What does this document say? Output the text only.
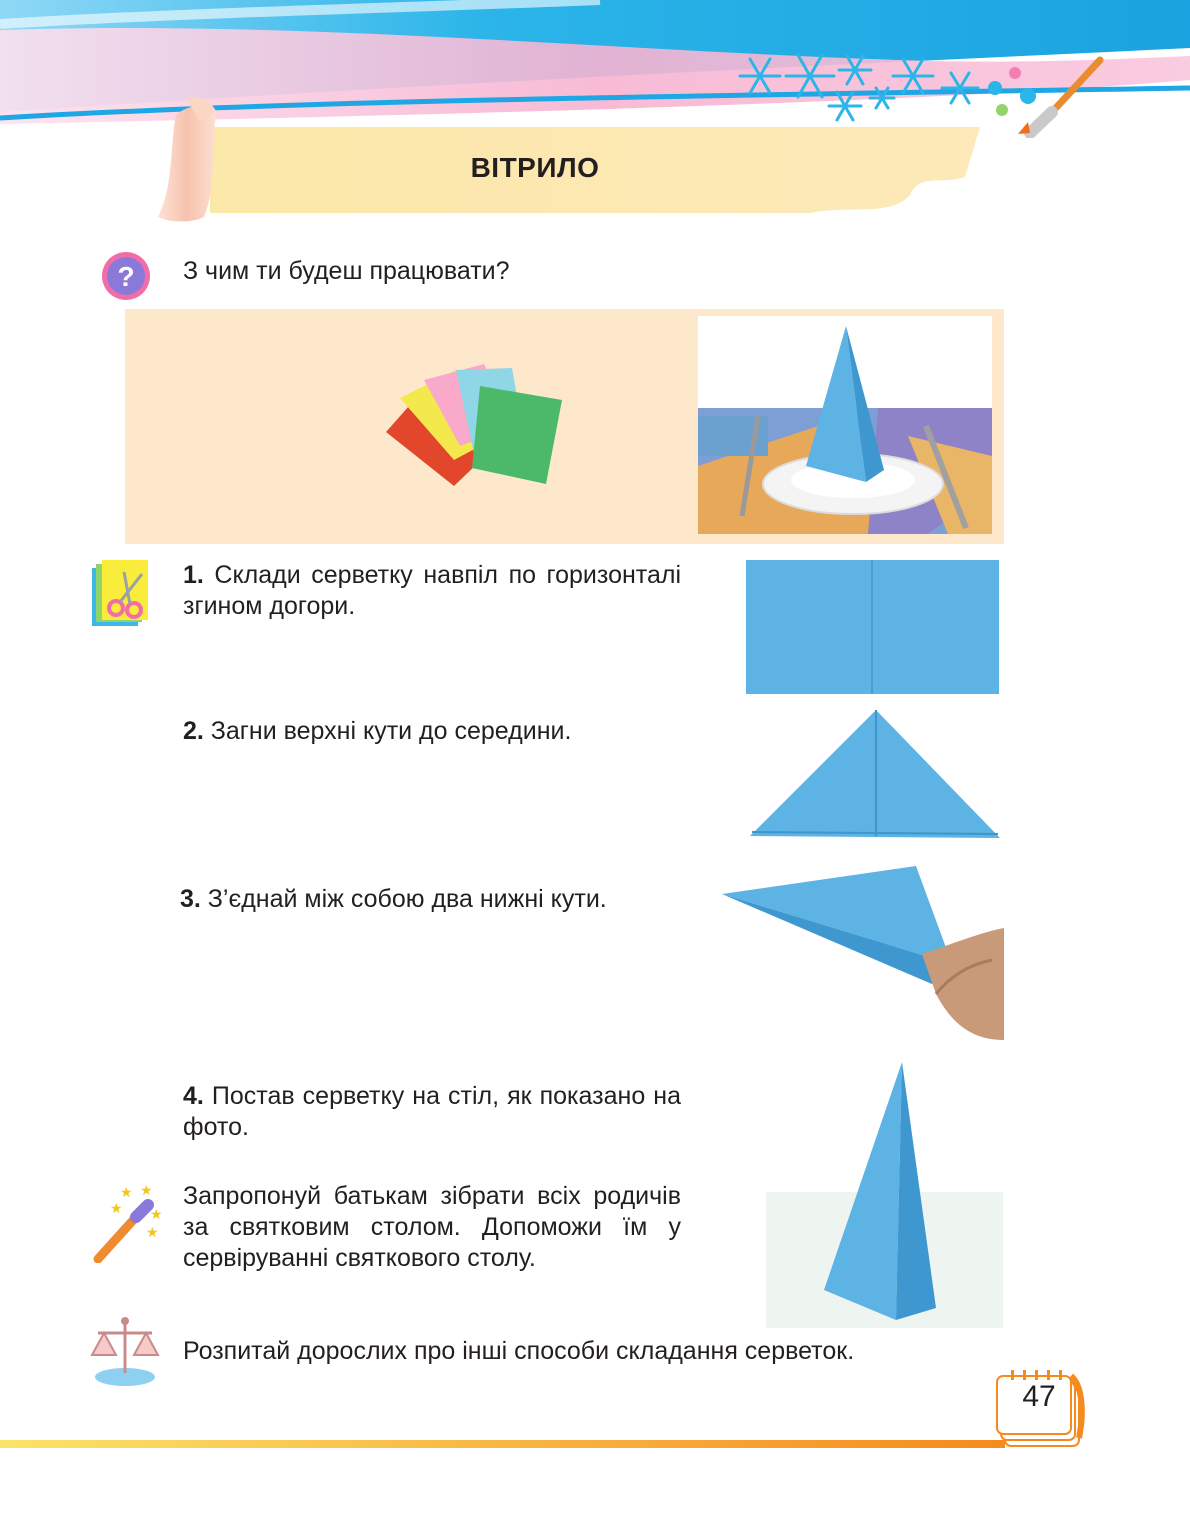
ВІТРИЛО
? З чим ти будеш працювати?
1. Склади серветку навпіл по горизонталі згином догори.
2. Загни верхні кути до середини.
3. З’єднай між собою два нижні кути.
4. Постав серветку на стіл, як показано на фото.
★ ★
★
★
★ Запропонуй батькам зібрати всіх родичів за святковим столом. Допоможи їм у сервіруванні святкового столу.
Розпитай дорослих про інші способи складання серветок.
47
